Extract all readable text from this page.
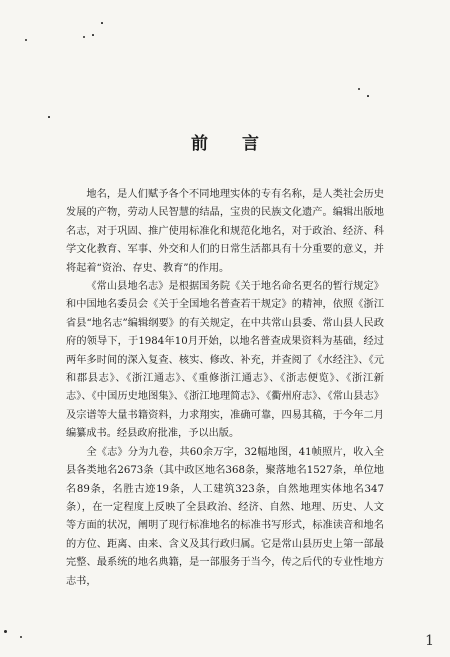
前 言

地名，是人们赋予各个不同地理实体的专有名称，是人类社会历史发展的产物，劳动人民智慧的结晶，宝贵的民族文化遗产。编辑出版地名志，对于巩固、推广使用标准化和规范化地名，对于政治、经济、科学文化教育、军事、外交和人们的日常生活都具有十分重要的意义，并将起着“资治、存史、教育”的作用。

《常山县地名志》是根据国务院《关于地名命名更名的暂行规定》和中国地名委员会《关于全国地名普查若干规定》的精神，依照《浙江省县“地名志”编辑纲要》的有关规定，在中共常山县委、常山县人民政府的领导下，于1984年10月开始，以地名普查成果资料为基础，经过两年多时间的深入复查、核实、修改、补充，并查阅了《水经注》、《元和郡县志》、《浙江通志》、《重修浙江通志》、《浙志便览》、《浙江新志》、《中国历史地图集》、《浙江地理简志》、《衢州府志》、《常山县志》及宗谱等大量书籍资料，力求翔实，准确可靠，四易其稿，于今年二月编纂成书。经县政府批准，予以出版。

全《志》分为九卷，共60余万字，32幅地图，41帧照片，收入全县各类地名2673条（其中政区地名368条，聚落地名1527条，单位地名89条，名胜古迹19条，人工建筑323条，自然地理实体地名347条），在一定程度上反映了全县政治、经济、自然、地理、历史、人文等方面的状况，阐明了现行标准地名的标准书写形式，标准读音和地名的方位、距离、由来、含义及其行政归属。它是常山县历史上第一部最完整、最系统的地名典籍，是一部服务于当今，传之后代的专业性地方志书，

1
